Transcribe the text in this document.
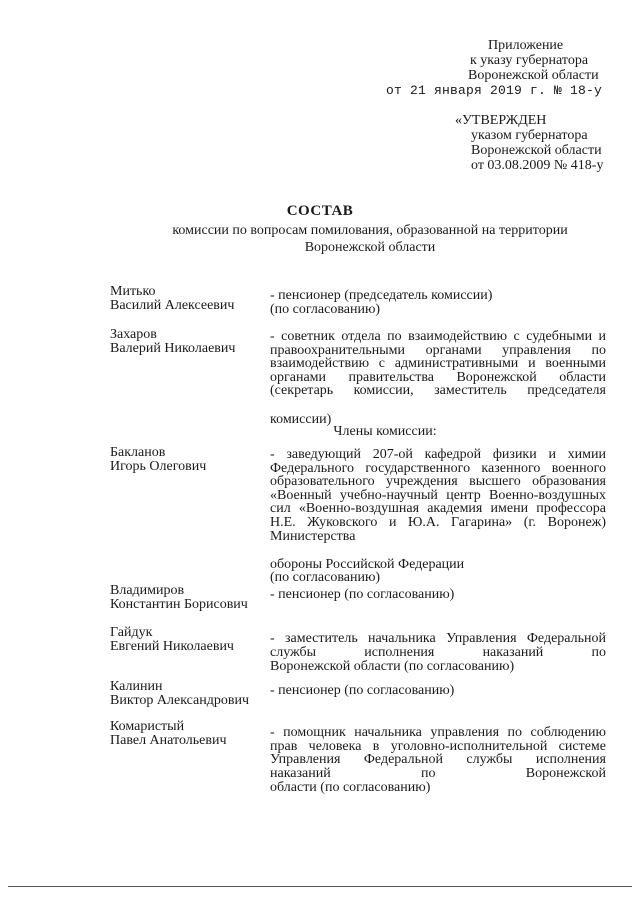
Приложение
к указу губернатора
Воронежской области
от 21 января 2019 г. № 18-у
«УТВЕРЖДЕН
указом губернатора
Воронежской области
от 03.08.2009 № 418-у
СОСТАВ
комиссии по вопросам помилования, образованной на территории
Воронежской области
Митько
Василий Алексеевич
- пенсионер (председатель комиссии)
(по согласованию)
Захаров
Валерий Николаевич
- советник отдела по взаимодействию с судебными и правоохранительными органами управления по взаимодействию с административными и военными органами правительства Воронежской области (секретарь комиссии, заместитель председателя
комиссии)
Члены комиссии:
Бакланов
Игорь Олегович
- заведующий 207-ой кафедрой физики и химии Федерального государственного казенного военного образовательного учреждения высшего образования «Военный учебно-научный центр Военно-воздушных сил «Военно-воздушная академия имени профессора Н.Е. Жуковского и Ю.А. Гагарина» (г. Воронеж) Министерства

обороны Российской Федерации
(по согласованию)

Владимиров
Константин Борисович
- пенсионер (по согласованию)
Гайдук
Евгений Николаевич
- заместитель начальника Управления Федеральной службы исполнения наказаний по
Воронежской области (по согласованию)
Калинин
Виктор Александрович
- пенсионер (по согласованию)
Комаристый
Павел Анатольевич
- помощник начальника управления по соблюдению прав человека в уголовно-исполнительной системе Управления Федеральной службы исполнения наказаний по Воронежской
области (по согласованию)
